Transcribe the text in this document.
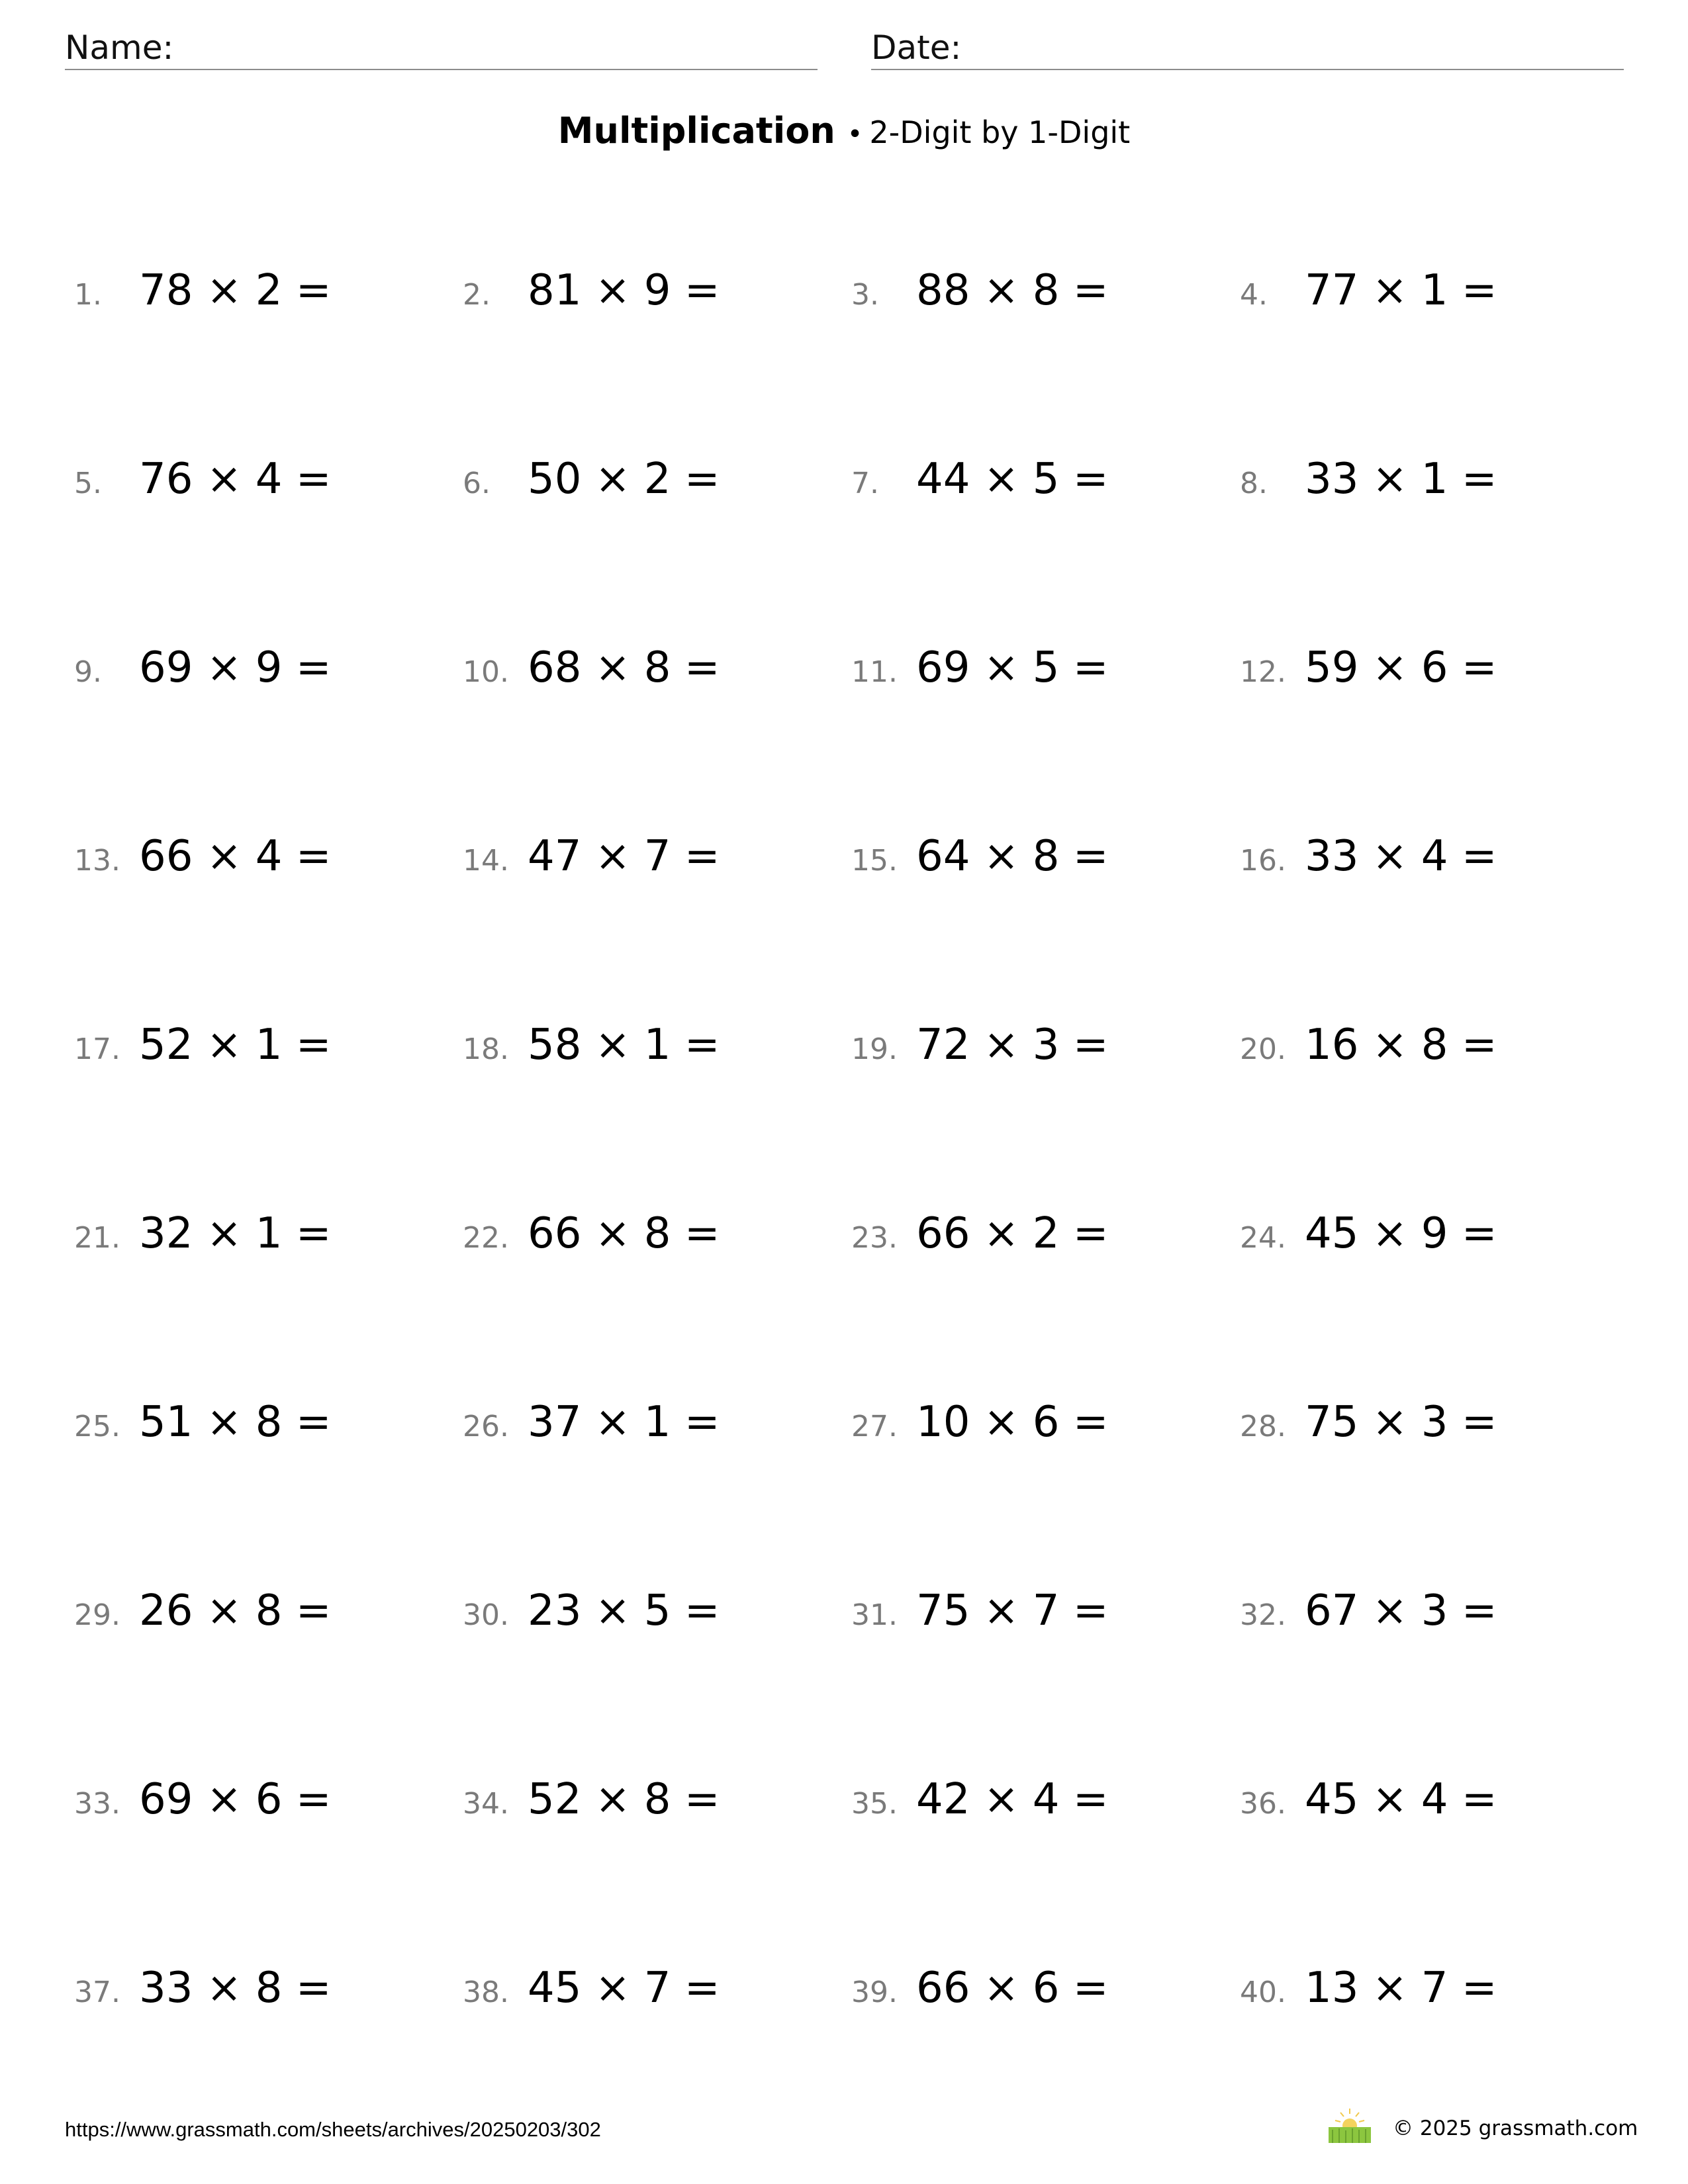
Name:	Date:
Multiplication • 2-Digit by 1-Digit
1. 78 × 2 =	2. 81 × 9 =	3. 88 × 8 =	4. 77 × 1 =
5. 76 × 4 =	6. 50 × 2 =	7. 44 × 5 =	8. 33 × 1 =
9. 69 × 9 =	10. 68 × 8 =	11. 69 × 5 =	12. 59 × 6 =
13. 66 × 4 =	14. 47 × 7 =	15. 64 × 8 =	16. 33 × 4 =
17. 52 × 1 =	18. 58 × 1 =	19. 72 × 3 =	20. 16 × 8 =
21. 32 × 1 =	22. 66 × 8 =	23. 66 × 2 =	24. 45 × 9 =
25. 51 × 8 =	26. 37 × 1 =	27. 10 × 6 =	28. 75 × 3 =
29. 26 × 8 =	30. 23 × 5 =	31. 75 × 7 =	32. 67 × 3 =
33. 69 × 6 =	34. 52 × 8 =	35. 42 × 4 =	36. 45 × 4 =
37. 33 × 8 =	38. 45 × 7 =	39. 66 × 6 =	40. 13 × 7 =
https://www.grassmath.com/sheets/archives/20250203/302	© 2025 grassmath.com
